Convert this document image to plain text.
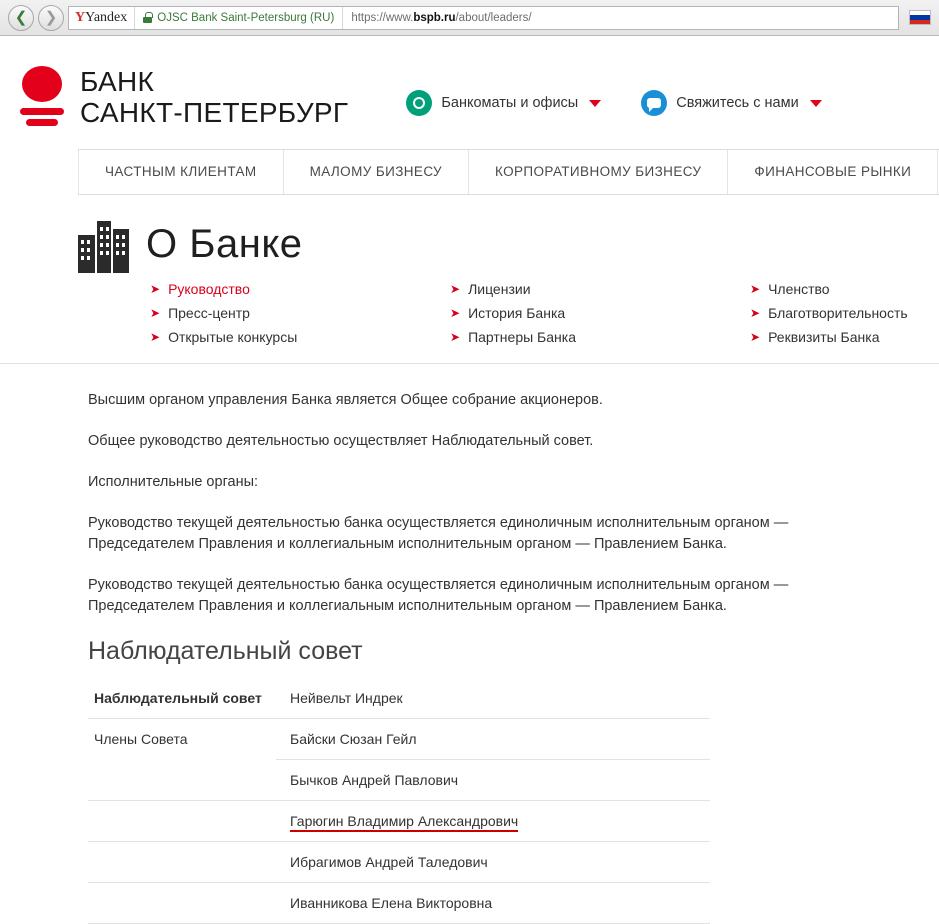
❮ ❯ Y Yandex	OJSC Bank Saint-Petersburg (RU)	https://www.bspb.ru/about/leaders/
БАНК
САНКТ-ПЕТЕРБУРГ	Банкоматы и офисы	Свяжитесь с нами
ЧАСТНЫМ КЛИЕНТАМ	МАЛОМУ БИЗНЕСУ	КОРПОРАТИВНОМУ БИЗНЕСУ	ФИНАНСОВЫЕ РЫНКИ
О Банке
➤ Руководство	➤ Лицензии	➤ Членство
➤ Пресс-центр	➤ История Банка	➤ Благотворительность
➤ Открытые конкурсы	➤ Партнеры Банка	➤ Реквизиты Банка

Высшим органом управления Банка является Общее собрание акционеров.

Общее руководство деятельностью осуществляет Наблюдательный совет.

Исполнительные органы:

Руководство текущей деятельностью банка осуществляется единоличным исполнительным органом — Председателем Правления и коллегиальным исполнительным органом — Правлением Банка.

Руководство текущей деятельностью банка осуществляется единоличным исполнительным органом — Председателем Правления и коллегиальным исполнительным органом — Правлением Банка.

Наблюдательный совет
Наблюдательный совет	Нейвельт Индрек
Члены Совета	Байски Сюзан Гейл
	Бычков Андрей Павлович
	Гарюгин Владимир Александрович
	Ибрагимов Андрей Таледович
	Иванникова Елена Викторовна
